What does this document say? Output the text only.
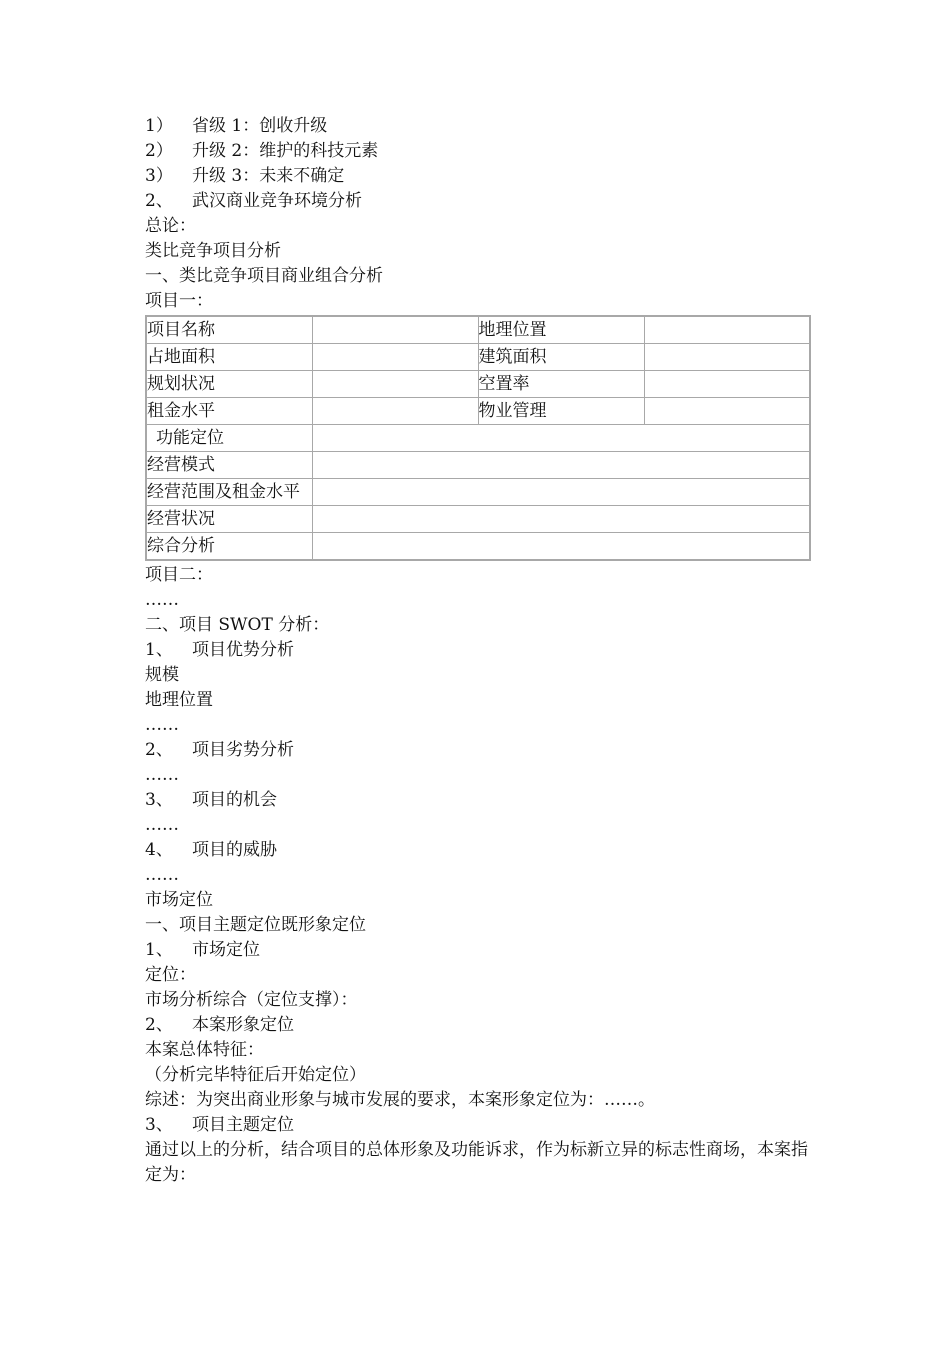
1） 省级 1：创收升级
2） 升级 2：维护的科技元素
3） 升级 3：未来不确定
2、 武汉商业竞争环境分析
总论：
类比竞争项目分析
一、类比竞争项目商业组合分析
项目一：
项目名称		地理位置	
占地面积		建筑面积	
规划状况		空置率	
租金水平		物业管理	
功能定位			
经营模式			
经营范围及租金水平			
经营状况			
综合分析			
项目二：
……
二、项目 SWOT 分析：
1、 项目优势分析
规模
地理位置
……
2、 项目劣势分析
……
3、 项目的机会
……
4、 项目的威胁
……
市场定位
一、项目主题定位既形象定位
1、 市场定位
定位：
市场分析综合（定位支撑）：
2、 本案形象定位
本案总体特征：
（分析完毕特征后开始定位）
综述：为突出商业形象与城市发展的要求，本案形象定位为：……。
3、 项目主题定位
通过以上的分析，结合项目的总体形象及功能诉求，作为标新立异的标志性商场，本案指定为：
